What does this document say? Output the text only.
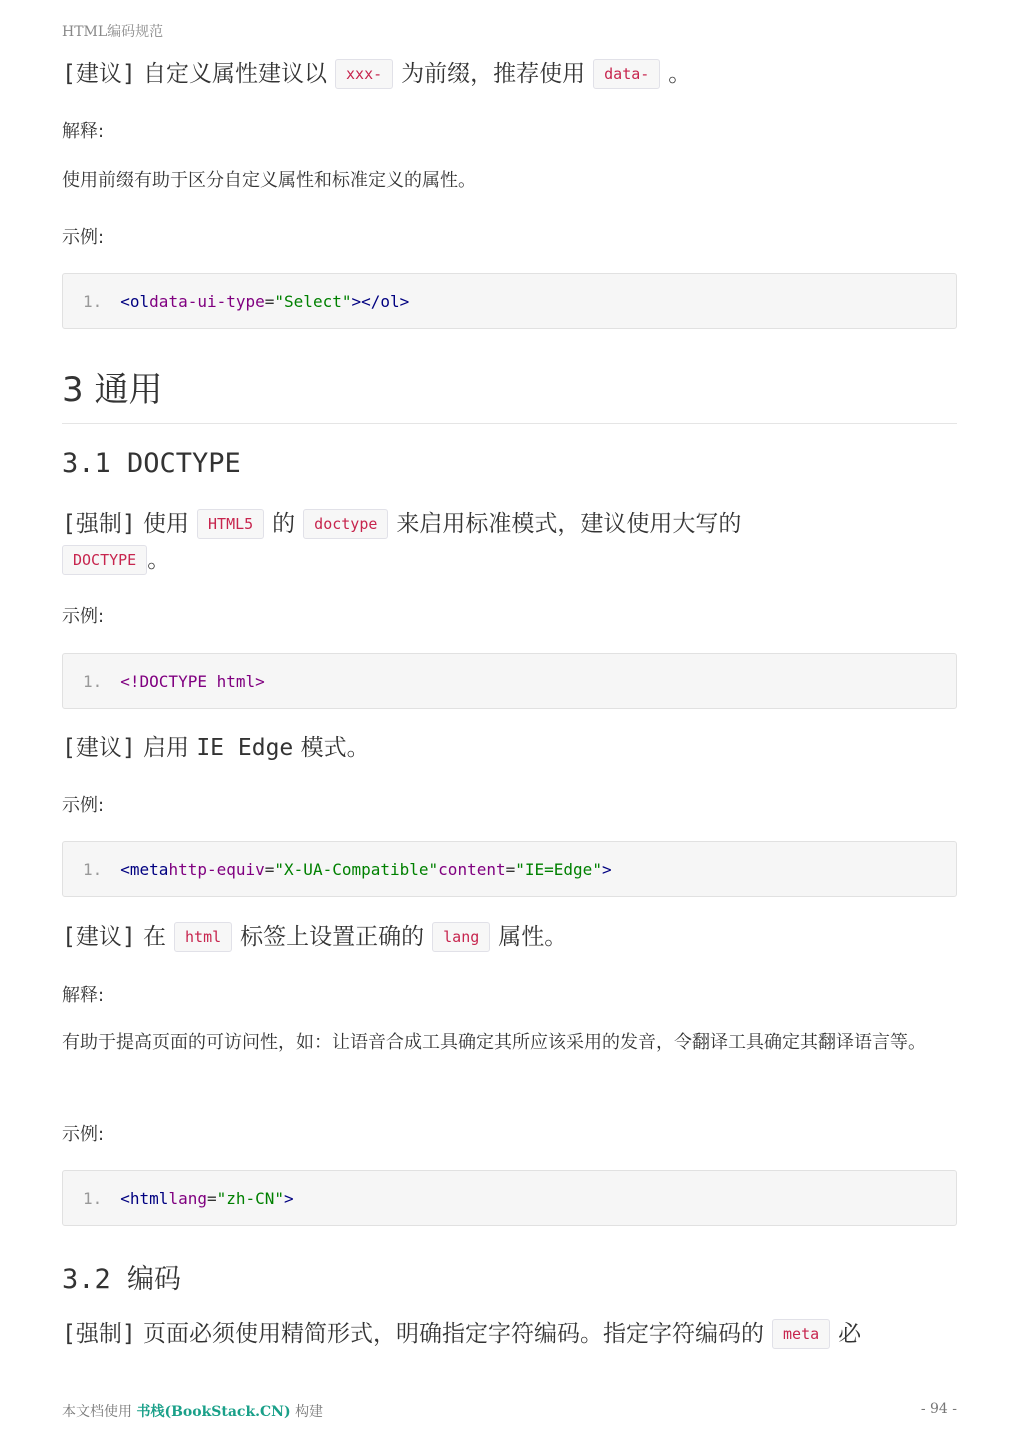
HTML编码规范
[建议] 自定义属性建议以 xxx- 为前缀，推荐使用 data- 。

解释:

使用前缀有助于区分自定义属性和标准定义的属性。

示例:

1. <ol data-ui-type = "Select" ></ol>
3 通用
3.1 DOCTYPE
[强制] 使用 HTML5 的 doctype 来启用标准模式，建议使用大写的
DOCTYPE 。

示例:

1. <!DOCTYPE html>
[建议] 启用 IE Edge 模式。

示例:

1. <meta http-equiv = "X-UA-Compatible" content = "IE=Edge" >
[建议] 在 html 标签上设置正确的 lang 属性。

解释:

有助于提高页面的可访问性，如：让语音合成工具确定其所应该采用的发音，令翻译工具确定其翻译语言等。

示例:

1. <html lang = "zh-CN" >
3.2 编码
[强制] 页面必须使用精简形式，明确指定字符编码。指定字符编码的 meta 必
本文档使用 书栈(BookStack.CN) 构建	- 94 -
